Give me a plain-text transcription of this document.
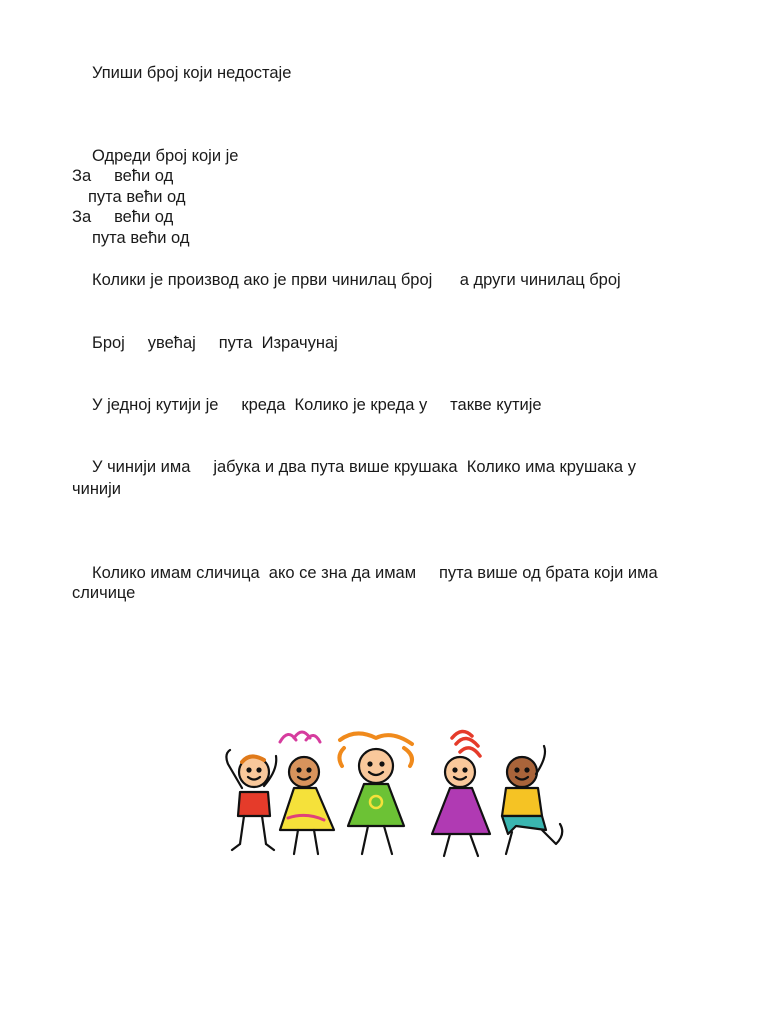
Упиши број који недостаје

Одреди број који је

За     већи од

пута већи од

За     већи од

пута већи од

Колики је производ ако је први чинилац број      а други чинилац број

Број     увећај     пута  Израчунај

У једној кутији је     креда  Колико је креда у     такве кутије

У чинији има     јабука и два пута више крушака  Колико има крушака у

чинији

Колико имам сличица  ако се зна да имам     пута више од брата који има

сличице
